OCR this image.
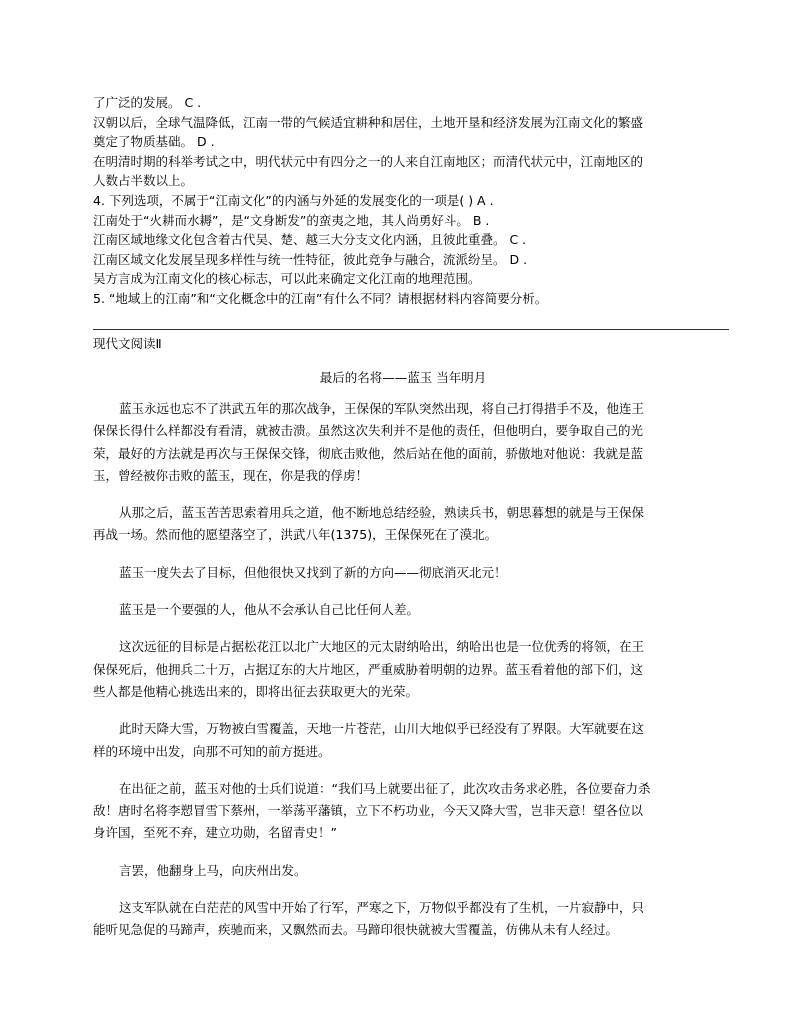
了广泛的发展。 C .
汉朝以后，全球气温降低，江南一带的气候适宜耕种和居住，土地开垦和经济发展为江南文化的繁盛
奠定了物质基础。 D .
在明清时期的科举考试之中，明代状元中有四分之一的人来自江南地区；而清代状元中，江南地区的
人数占半数以上。
4. 下列选项，不属于“江南文化”的内涵与外延的发展变化的一项是( ) A .
江南处于“火耕而水耨”，是“文身断发”的蛮夷之地，其人尚勇好斗。 B .
江南区域地缘文化包含着古代吴、楚、越三大分支文化内涵，且彼此重叠。 C .
江南区域文化发展呈现多样性与统一性特征，彼此竞争与融合，流派纷呈。 D .
吴方言成为江南文化的核心标志，可以此来确定文化江南的地理范围。
5. “地域上的江南”和“文化概念中的江南”有什么不同？请根据材料内容简要分析。
现代文阅读Ⅱ
最后的名将——蓝玉 当年明月
蓝玉永远也忘不了洪武五年的那次战争，王保保的军队突然出现，将自己打得措手不及，他连王
保保长得什么样都没有看清，就被击溃。虽然这次失利并不是他的责任，但他明白，要争取自己的光
荣，最好的方法就是再次与王保保交锋，彻底击败他，然后站在他的面前，骄傲地对他说：我就是蓝
玉，曾经被你击败的蓝玉，现在，你是我的俘虏！
从那之后，蓝玉苦苦思索着用兵之道，他不断地总结经验，熟读兵书，朝思暮想的就是与王保保
再战一场。然而他的愿望落空了，洪武八年(1375)，王保保死在了漠北。
蓝玉一度失去了目标，但他很快又找到了新的方向——彻底消灭北元！
蓝玉是一个要强的人，他从不会承认自己比任何人差。
这次远征的目标是占据松花江以北广大地区的元太尉纳哈出，纳哈出也是一位优秀的将领，在王
保保死后，他拥兵二十万，占据辽东的大片地区，严重威胁着明朝的边界。蓝玉看着他的部下们，这
些人都是他精心挑选出来的，即将出征去获取更大的光荣。
此时天降大雪，万物被白雪覆盖，天地一片苍茫，山川大地似乎已经没有了界限。大军就要在这
样的环境中出发，向那不可知的前方挺进。
在出征之前，蓝玉对他的士兵们说道：“我们马上就要出征了，此次攻击务求必胜，各位要奋力杀
敌！唐时名将李愬冒雪下蔡州，一举荡平藩镇，立下不朽功业，今天又降大雪，岂非天意！望各位以
身许国，至死不弃，建立功勋，名留青史！”
言罢，他翻身上马，向庆州出发。
这支军队就在白茫茫的风雪中开始了行军，严寒之下，万物似乎都没有了生机，一片寂静中，只
能听见急促的马蹄声，疾驰而来，又飘然而去。马蹄印很快就被大雪覆盖，仿佛从未有人经过。
